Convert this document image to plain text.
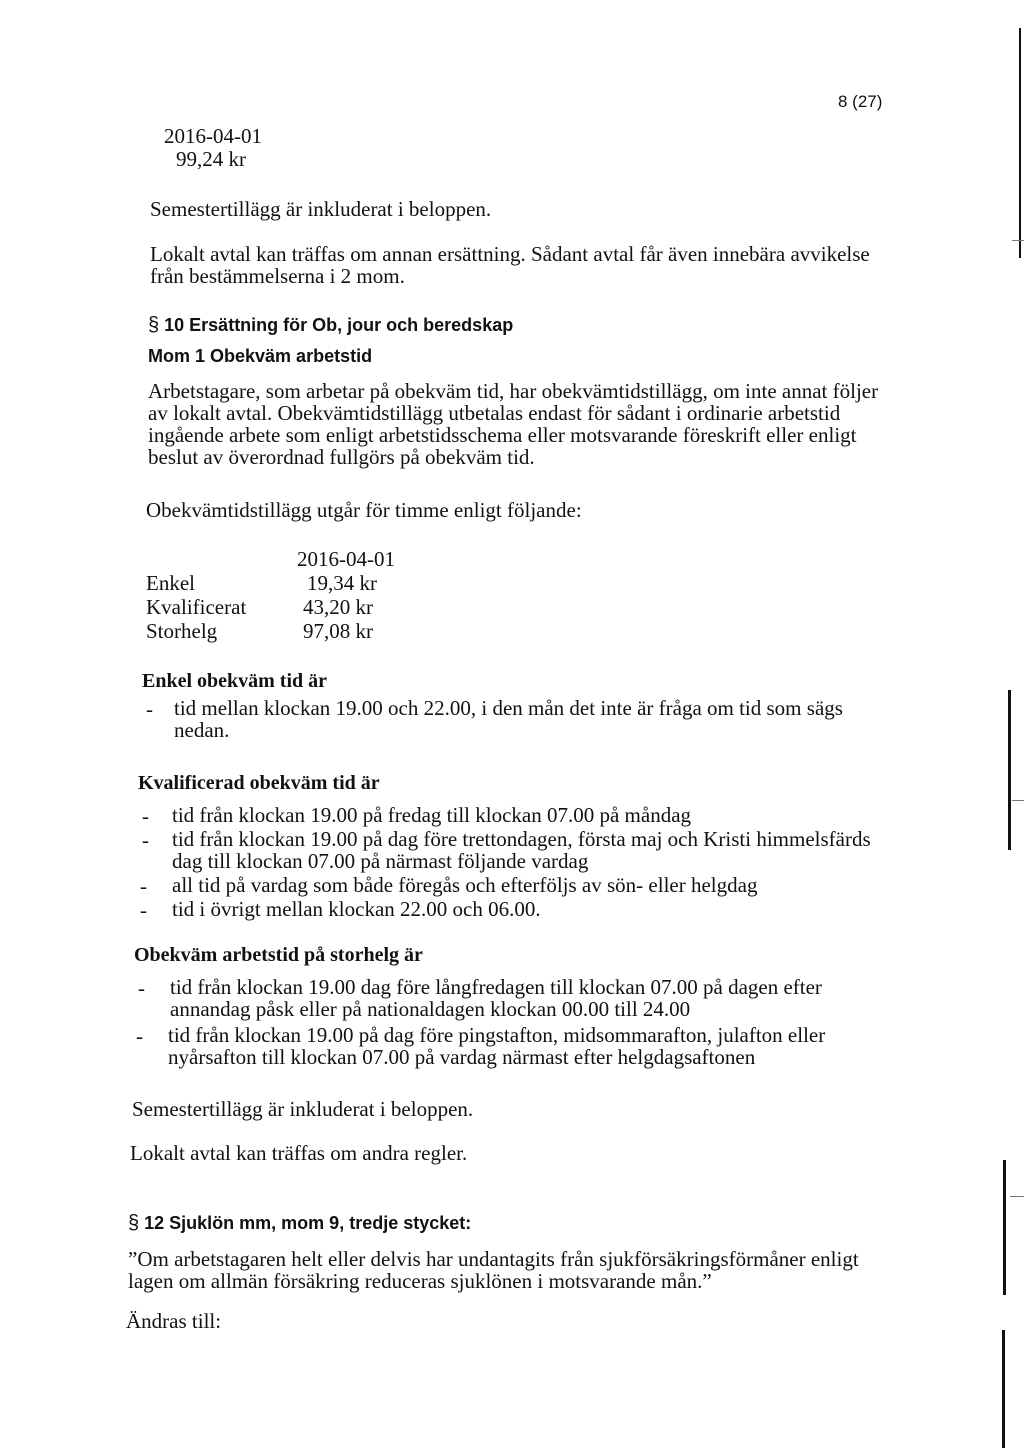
8 (27)
2016-04-01
99,24 kr
Semestertillägg är inkluderat i beloppen.
Lokalt avtal kan träffas om annan ersättning. Sådant avtal får även innebära avvikelse
från bestämmelserna i 2 mom.
§ 10 Ersättning för Ob, jour och beredskap
Mom 1 Obekväm arbetstid
Arbetstagare, som arbetar på obekväm tid, har obekvämtidstillägg, om inte annat följer
av lokalt avtal. Obekvämtidstillägg utbetalas endast för sådant i ordinarie arbetstid
ingående arbete som enligt arbetstidsschema eller motsvarande föreskrift eller enligt
beslut av överordnad fullgörs på obekväm tid.
Obekvämtidstillägg utgår för timme enligt följande:
2016-04-01
Enkel	19,34 kr
Kvalificerat	43,20 kr
Storhelg	97,08 kr
Enkel obekväm tid är
- tid mellan klockan 19.00 och 22.00, i den mån det inte är fråga om tid som sägs
nedan.
Kvalificerad obekväm tid är
- tid från klockan 19.00 på fredag till klockan 07.00 på måndag
- tid från klockan 19.00 på dag före trettondagen, första maj och Kristi himmelsfärds
dag till klockan 07.00 på närmast följande vardag
- all tid på vardag som både föregås och efterföljs av sön- eller helgdag
- tid i övrigt mellan klockan 22.00 och 06.00.
Obekväm arbetstid på storhelg är
- tid från klockan 19.00 dag före långfredagen till klockan 07.00 på dagen efter
annandag påsk eller på nationaldagen klockan 00.00 till 24.00
- tid från klockan 19.00 på dag före pingstafton, midsommarafton, julafton eller
nyårsafton till klockan 07.00 på vardag närmast efter helgdagsaftonen
Semestertillägg är inkluderat i beloppen.
Lokalt avtal kan träffas om andra regler.
§ 12 Sjuklön mm, mom 9, tredje stycket:
”Om arbetstagaren helt eller delvis har undantagits från sjukförsäkringsförmåner enligt
lagen om allmän försäkring reduceras sjuklönen i motsvarande mån.”
Ändras till:
